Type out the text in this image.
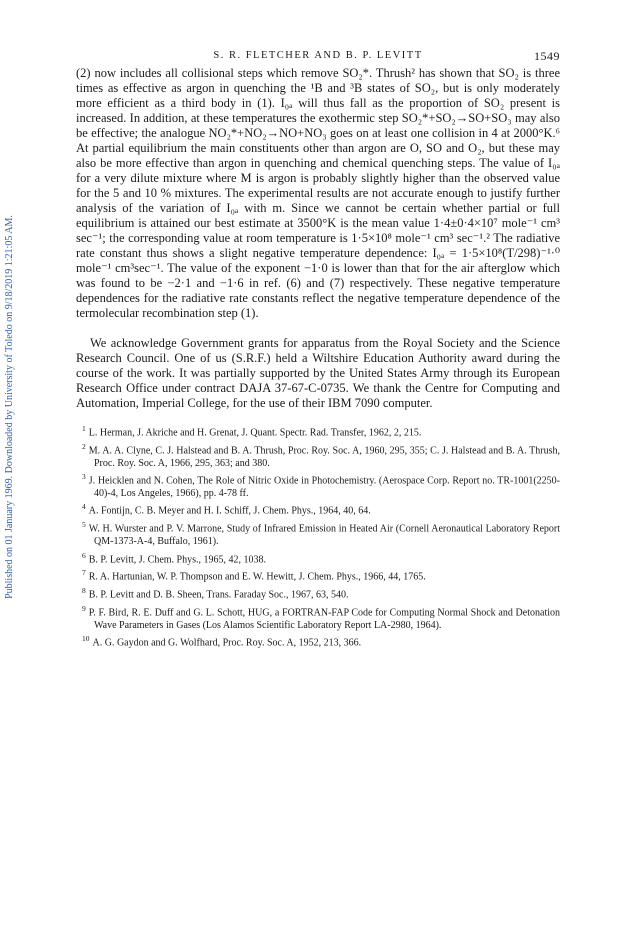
Published on 01 January 1969. Downloaded by University of Toledo on 9/18/2019 1:21:05 AM.
S. R. FLETCHER AND B. P. LEVITT	1549

(2) now includes all collisional steps which remove SO₂*. Thrush² has shown that SO₂ is three times as effective as argon in quenching the ¹B and ³B states of SO₂, but is only moderately more efficient as a third body in (1). I₀ₐ will thus fall as the proportion of SO₂ present is increased. In addition, at these temperatures the exothermic step SO₂*+SO₂→SO+SO₃ may also be effective; the analogue NO₂*+NO₂→NO+NO₃ goes on at least one collision in 4 at 2000°K.⁶ At partial equilibrium the main constituents other than argon are O, SO and O₂, but these may also be more effective than argon in quenching and chemical quenching steps. The value of I₀ₐ for a very dilute mixture where M is argon is probably slightly higher than the observed value for the 5 and 10 % mixtures. The experimental results are not accurate enough to justify further analysis of the variation of I₀ₐ with m. Since we cannot be certain whether partial or full equilibrium is attained our best estimate at 3500°K is the mean value 1·4±0·4×10⁷ mole⁻¹ cm³ sec⁻¹; the corresponding value at room temperature is 1·5×10⁸ mole⁻¹ cm³ sec⁻¹.² The radiative rate constant thus shows a slight negative temperature dependence: I₀ₐ = 1·5×10⁸(T/298)⁻¹·⁰ mole⁻¹ cm³sec⁻¹. The value of the exponent −1·0 is lower than that for the air afterglow which was found to be −2·1 and −1·6 in ref. (6) and (7) respectively. These negative temperature dependences for the radiative rate constants reflect the negative temperature dependence of the termolecular recombination step (1).

We acknowledge Government grants for apparatus from the Royal Society and the Science Research Council. One of us (S.R.F.) held a Wiltshire Education Authority award during the course of the work. It was partially supported by the United States Army through its European Research Office under contract DAJA 37-67-C-0735. We thank the Centre for Computing and Automation, Imperial College, for the use of their IBM 7090 computer.

$^1$ L. Herman, J. Akriche and H. Grenat, J. Quant. Spectr. Rad. Transfer, 1962, 2, 215.
$^2$ M. A. A. Clyne, C. J. Halstead and B. A. Thrush, Proc. Roy. Soc. A, 1960, 295, 355; C. J. Halstead and B. A. Thrush, Proc. Roy. Soc. A, 1966, 295, 363; and 380.
$^3$ J. Heicklen and N. Cohen, The Role of Nitric Oxide in Photochemistry. (Aerospace Corp. Report no. TR-1001(2250-40)-4, Los Angeles, 1966), pp. 4-78 ff.
$^4$ A. Fontijn, C. B. Meyer and H. I. Schiff, J. Chem. Phys., 1964, 40, 64.
$^5$ W. H. Wurster and P. V. Marrone, Study of Infrared Emission in Heated Air (Cornell Aeronautical Laboratory Report QM-1373-A-4, Buffalo, 1961).
$^6$ B. P. Levitt, J. Chem. Phys., 1965, 42, 1038.
$^7$ R. A. Hartunian, W. P. Thompson and E. W. Hewitt, J. Chem. Phys., 1966, 44, 1765.
$^8$ B. P. Levitt and D. B. Sheen, Trans. Faraday Soc., 1967, 63, 540.
$^9$ P. F. Bird, R. E. Duff and G. L. Schott, HUG, a FORTRAN-FAP Code for Computing Normal Shock and Detonation Wave Parameters in Gases (Los Alamos Scientific Laboratory Report LA-2980, 1964).
$^{10}$ A. G. Gaydon and G. Wolfhard, Proc. Roy. Soc. A, 1952, 213, 366.
